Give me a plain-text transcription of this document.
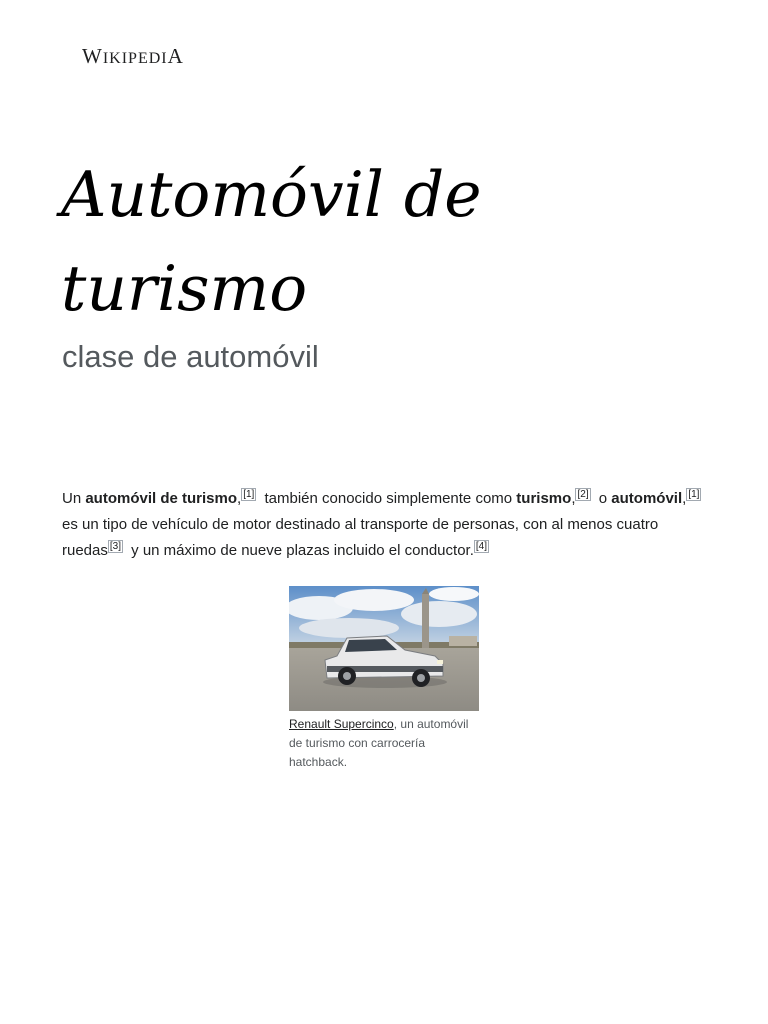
WIKIPEDIA
Automóvil de
turismo

clase de automóvil

Un automóvil de turismo, [1] también conocido simplemente como turismo, [2] o automóvil, [1] es un tipo de vehículo de motor destinado al transporte de personas, con al menos cuatro ruedas [3] y un máximo de nueve plazas incluido el conductor. [4]

Renault Supercinco, un automóvil de turismo con carrocería hatchback.
